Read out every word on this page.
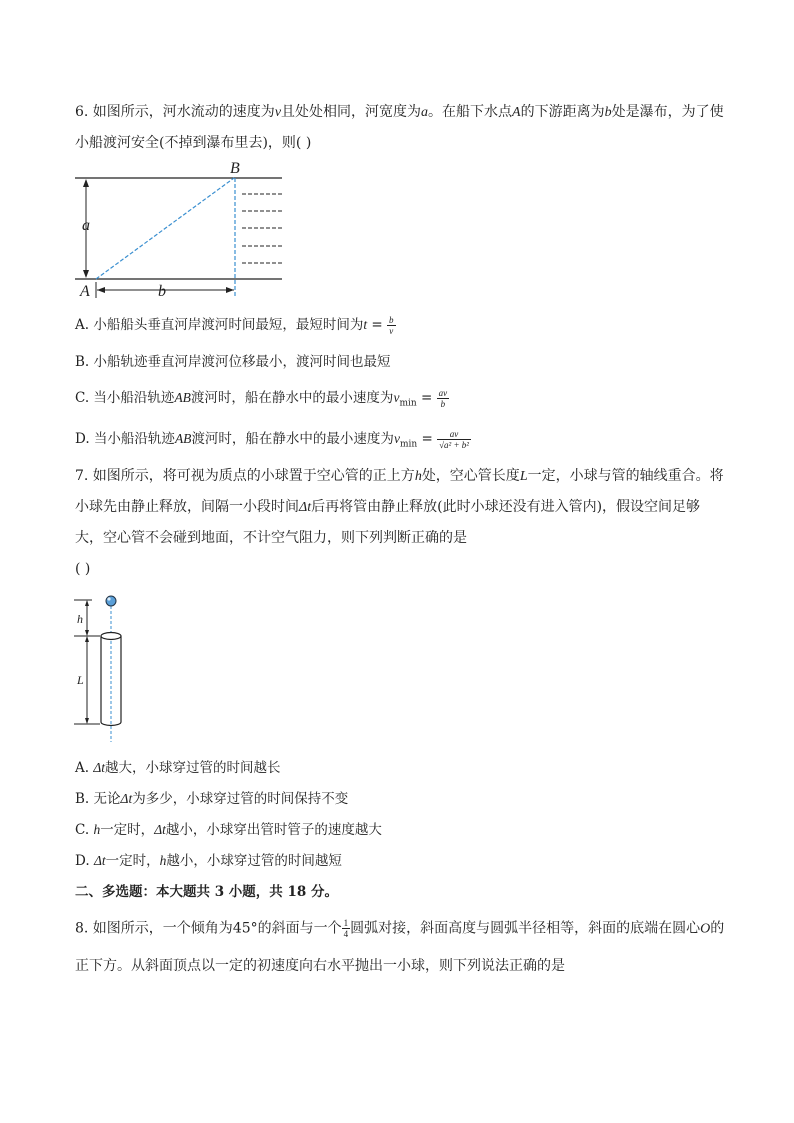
6. 如图所示，河水流动的速度为v且处处相同，河宽度为a。在船下水点A的下游距离为b处是瀑布，为了使
小船渡河安全(不掉到瀑布里去)，则( )
a
B
A	b
A. 小船船头垂直河岸渡河时间最短，最短时间为$t = \frac{b}{v}$
B. 小船轨迹垂直河岸渡河位移最小，渡河时间也最短
C. 当小船沿轨迹AB渡河时，船在静水中的最小速度为$v_{min} = \frac{av}{b}$
D. 当小船沿轨迹AB渡河时，船在静水中的最小速度为$v_{min} = \frac{av}{\text{√a² + b²}}$
7. 如图所示，将可视为质点的小球置于空心管的正上方h处，空心管长度L一定，小球与管的轴线重合。将
小球先由静止释放，间隔一小段时间Δt后再将管由静止释放(此时小球还没有进入管内)，假设空间足够
大，空心管不会碰到地面，不计空气阻力，则下列判断正确的是
( )
h
L
A. Δt越大，小球穿过管的时间越长
B. 无论Δt为多少，小球穿过管的时间保持不变
C. h一定时，Δt越小，小球穿出管时管子的速度越大
D. Δt一定时，h越小，小球穿过管的时间越短
二、多选题：本大题共 3 小题，共 18 分。
8. 如图所示，一个倾角为45°的斜面与一个 $\frac{1}{4}$ 圆弧对接，斜面高度与圆弧半径相等，斜面的底端在圆心O的
正下方。从斜面顶点以一定的初速度向右水平抛出一小球，则下列说法正确的是
